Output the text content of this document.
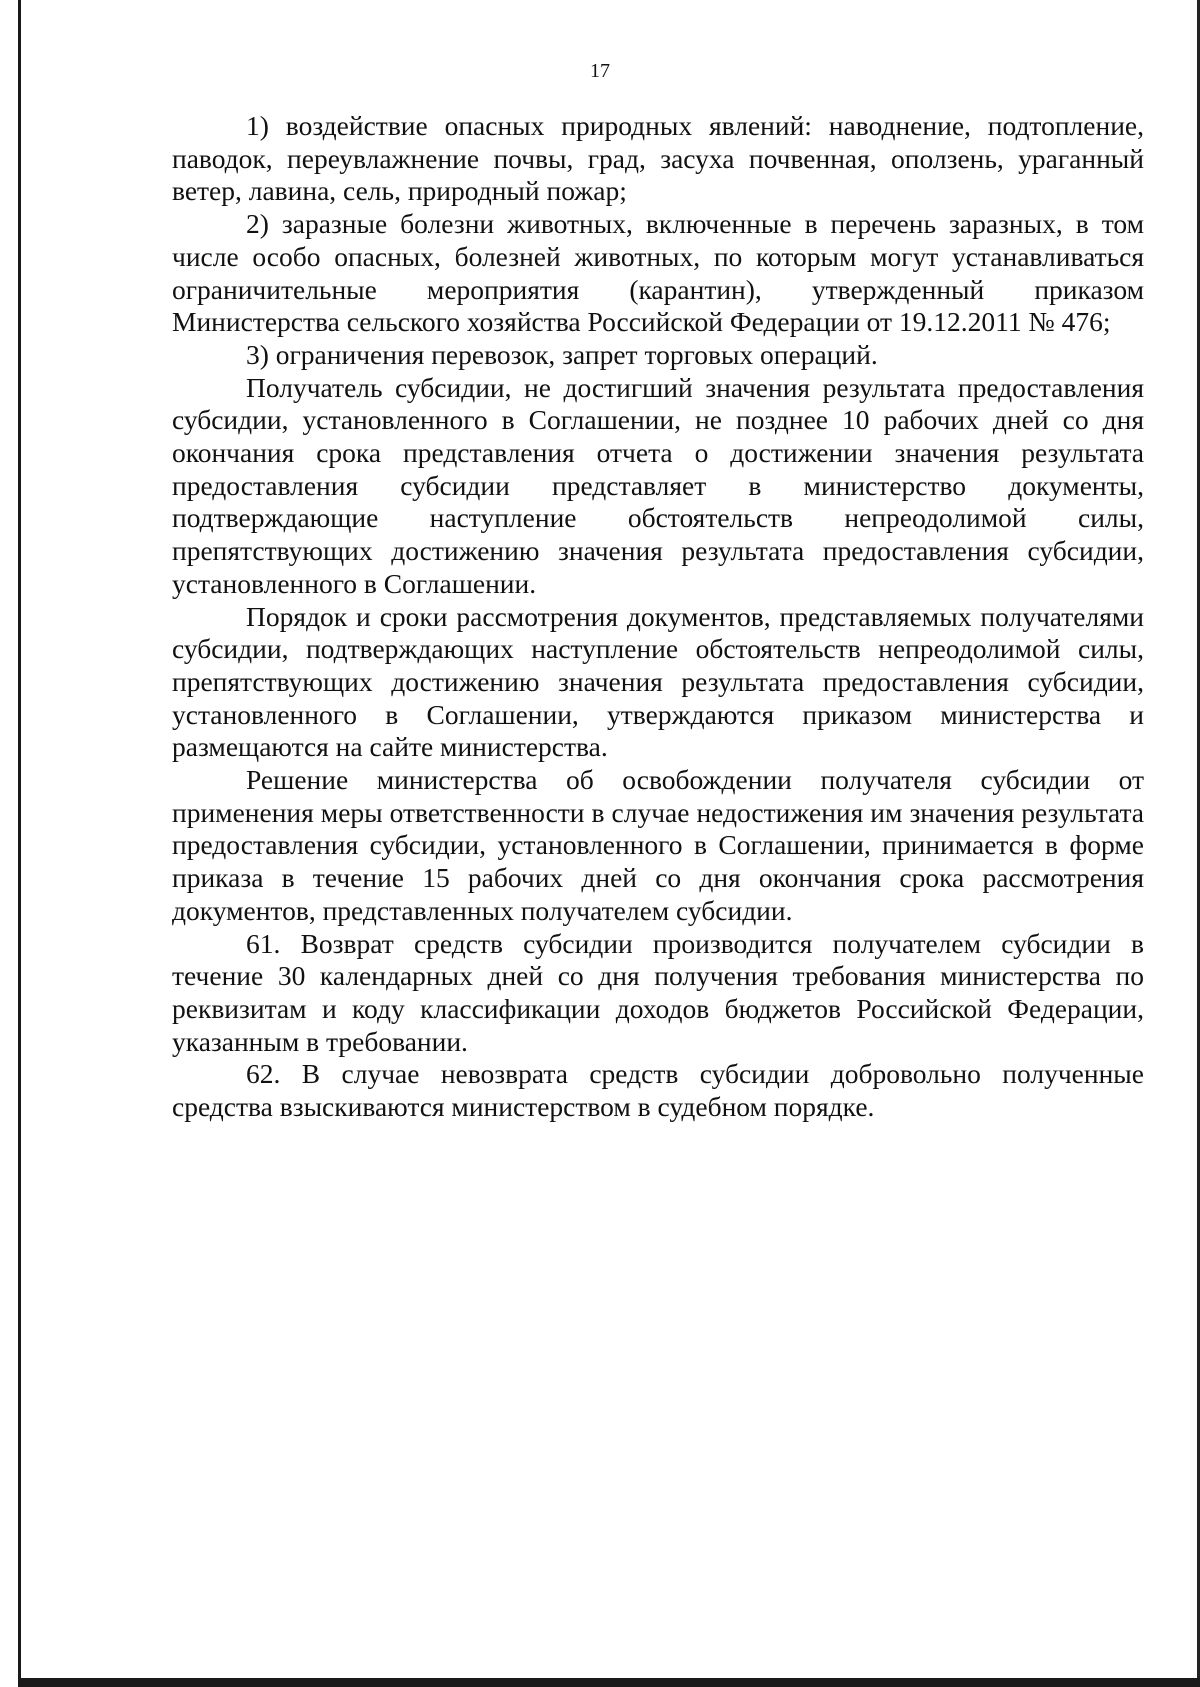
17

1) воздействие опасных природных явлений: наводнение, подтопление, паводок, переувлажнение почвы, град, засуха почвенная, оползень, ураганный ветер, лавина, сель, природный пожар;

2) заразные болезни животных, включенные в перечень заразных, в том числе особо опасных, болезней животных, по которым могут устанавливаться ограничительные мероприятия (карантин), утвержденный приказом Министерства сельского хозяйства Российской Федерации от 19.12.2011 № 476;

3) ограничения перевозок, запрет торговых операций.

Получатель субсидии, не достигший значения результата предоставления субсидии, установленного в Соглашении, не позднее 10 рабочих дней со дня окончания срока представления отчета о достижении значения результата предоставления субсидии представляет в министерство документы, подтверждающие наступление обстоятельств непреодолимой силы, препятствующих достижению значения результата предоставления субсидии, установленного в Соглашении.

Порядок и сроки рассмотрения документов, представляемых получателями субсидии, подтверждающих наступление обстоятельств непреодолимой силы, препятствующих достижению значения результата предоставления субсидии, установленного в Соглашении, утверждаются приказом министерства и размещаются на сайте министерства.

Решение министерства об освобождении получателя субсидии от применения меры ответственности в случае недостижения им значения результата предоставления субсидии, установленного в Соглашении, принимается в форме приказа в течение 15 рабочих дней со дня окончания срока рассмотрения документов, представленных получателем субсидии.

61. Возврат средств субсидии производится получателем субсидии в течение 30 календарных дней со дня получения требования министерства по реквизитам и коду классификации доходов бюджетов Российской Федерации, указанным в требовании.

62. В случае невозврата средств субсидии добровольно полученные средства взыскиваются министерством в судебном порядке.
